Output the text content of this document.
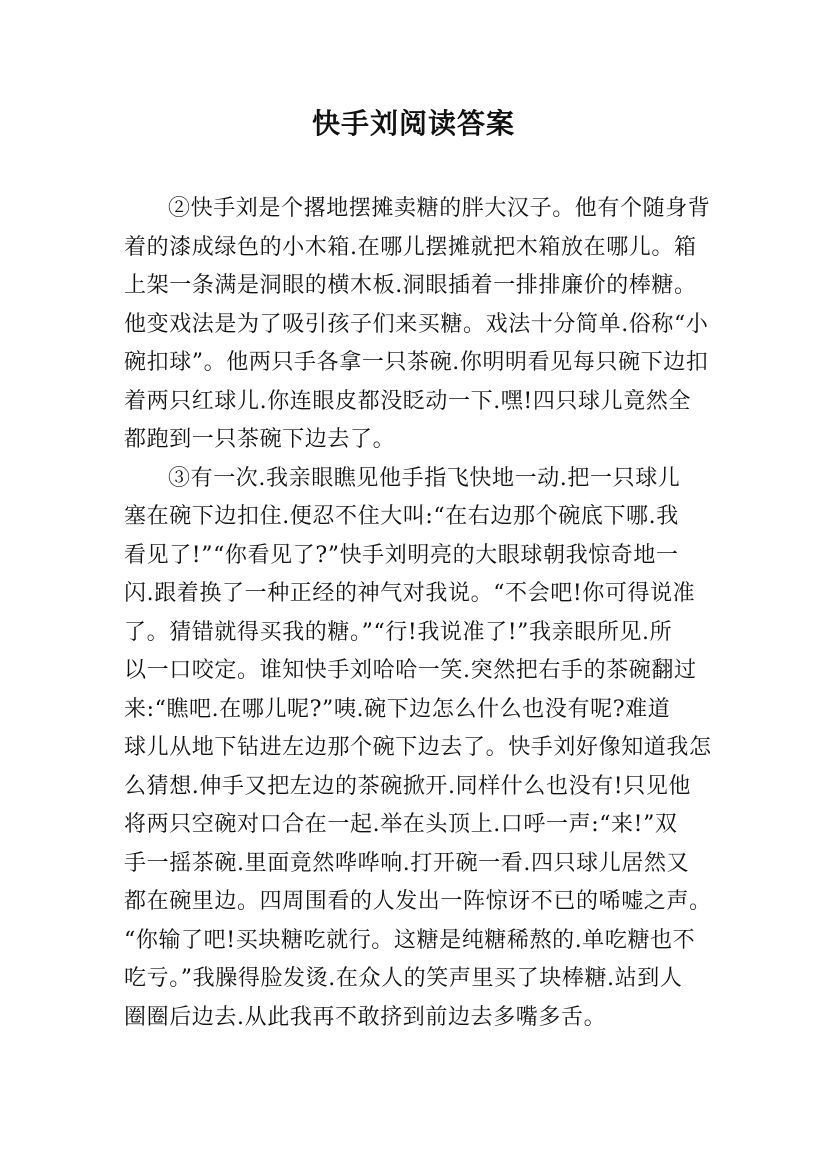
快手刘阅读答案
②快手刘是个撂地摆摊卖糖的胖大汉子。他有个随身背
着的漆成绿色的小木箱.在哪儿摆摊就把木箱放在哪儿。箱
上架一条满是洞眼的横木板.洞眼插着一排排廉价的棒糖。
他变戏法是为了吸引孩子们来买糖。戏法十分简单.俗称“小
碗扣球”。他两只手各拿一只茶碗.你明明看见每只碗下边扣
着两只红球儿.你连眼皮都没眨动一下.嘿!四只球儿竟然全
都跑到一只茶碗下边去了。
③有一次.我亲眼瞧见他手指飞快地一动.把一只球儿
塞在碗下边扣住.便忍不住大叫:“在右边那个碗底下哪.我
看见了!”“你看见了?”快手刘明亮的大眼球朝我惊奇地一
闪.跟着换了一种正经的神气对我说。“不会吧!你可得说准
了。猜错就得买我的糖。”“行!我说准了!”我亲眼所见.所
以一口咬定。谁知快手刘哈哈一笑.突然把右手的茶碗翻过
来:“瞧吧.在哪儿呢?”咦.碗下边怎么什么也没有呢?难道
球儿从地下钻进左边那个碗下边去了。快手刘好像知道我怎
么猜想.伸手又把左边的茶碗掀开.同样什么也没有!只见他
将两只空碗对口合在一起.举在头顶上.口呼一声:“来!”双
手一摇茶碗.里面竟然哗哗响.打开碗一看.四只球儿居然又
都在碗里边。四周围看的人发出一阵惊讶不已的唏嘘之声。
“你输了吧!买块糖吃就行。这糖是纯糖稀熬的.单吃糖也不
吃亏。”我臊得脸发烫.在众人的笑声里买了块棒糖.站到人
圈圈后边去.从此我再不敢挤到前边去多嘴多舌。
